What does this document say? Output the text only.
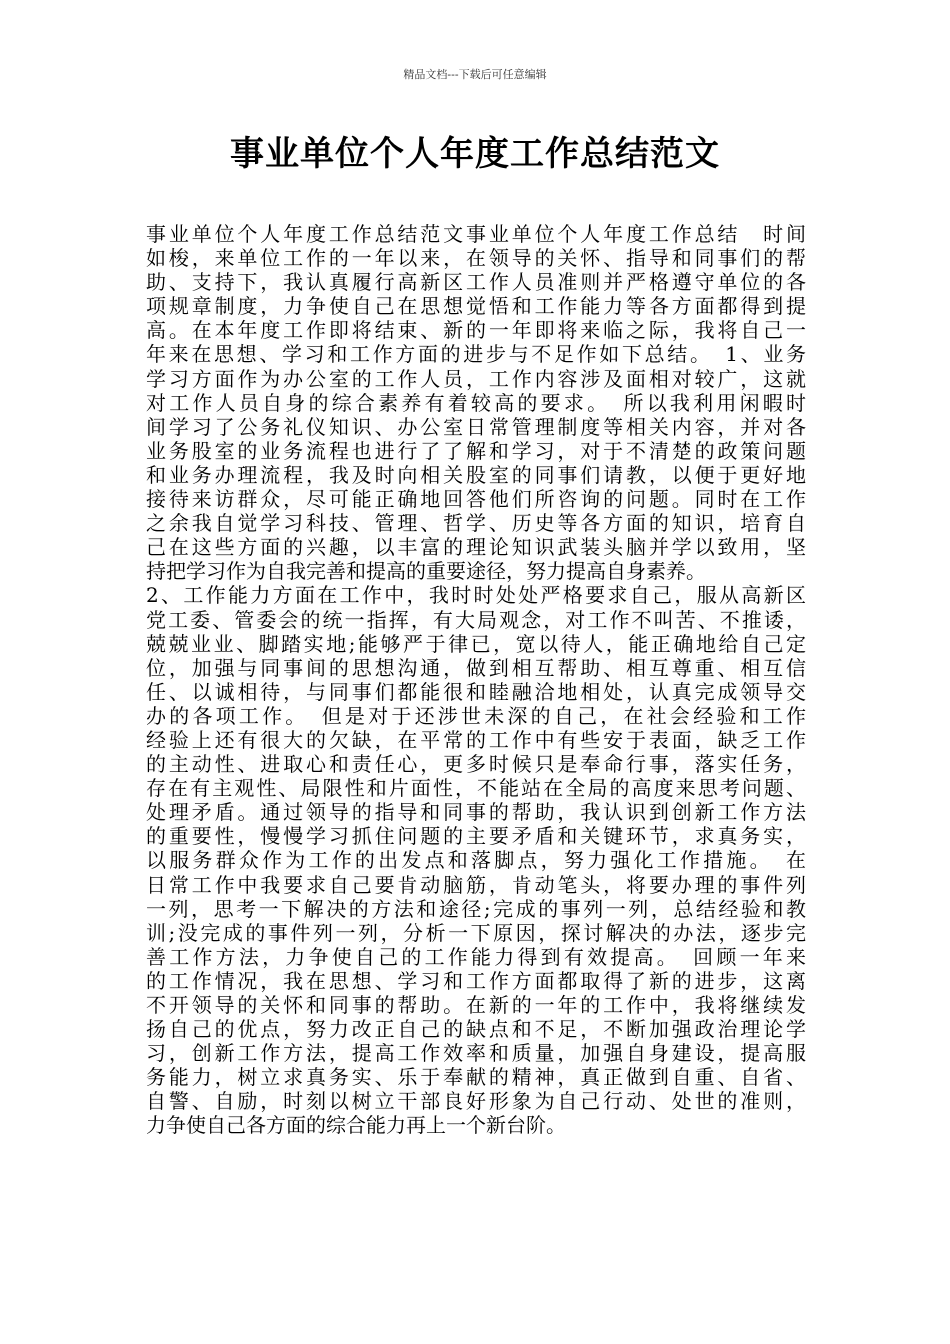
精品文档---下载后可任意编辑
事业单位个人年度工作总结范文
事业单位个人年度工作总结范文事业单位个人年度工作总结　时间
如梭，来单位工作的一年以来，在领导的关怀、指导和同事们的帮
助、支持下，我认真履行高新区工作人员准则并严格遵守单位的各
项规章制度，力争使自己在思想觉悟和工作能力等各方面都得到提
高。在本年度工作即将结束、新的一年即将来临之际，我将自己一
年来在思想、学习和工作方面的进步与不足作如下总结。　1、业务
学习方面作为办公室的工作人员，工作内容涉及面相对较广，这就
对工作人员自身的综合素养有着较高的要求。　所以我利用闲暇时
间学习了公务礼仪知识、办公室日常管理制度等相关内容，并对各
业务股室的业务流程也进行了了解和学习，对于不清楚的政策问题
和业务办理流程，我及时向相关股室的同事们请教，以便于更好地
接待来访群众，尽可能正确地回答他们所咨询的问题。同时在工作
之余我自觉学习科技、管理、哲学、历史等各方面的知识，培育自
己在这些方面的兴趣，以丰富的理论知识武装头脑并学以致用，坚
持把学习作为自我完善和提高的重要途径，努力提高自身素养。
2、工作能力方面在工作中，我时时处处严格要求自己，服从高新区
党工委、管委会的统一指挥，有大局观念，对工作不叫苦、不推诿，
兢兢业业、脚踏实地;能够严于律已，宽以待人，能正确地给自己定
位，加强与同事间的思想沟通，做到相互帮助、相互尊重、相互信
任、以诚相待，与同事们都能很和睦融洽地相处，认真完成领导交
办的各项工作。　但是对于还涉世未深的自己，在社会经验和工作
经验上还有很大的欠缺，在平常的工作中有些安于表面，缺乏工作
的主动性、进取心和责任心，更多时候只是奉命行事，落实任务，
存在有主观性、局限性和片面性，不能站在全局的高度来思考问题、
处理矛盾。通过领导的指导和同事的帮助，我认识到创新工作方法
的重要性，慢慢学习抓住问题的主要矛盾和关键环节，求真务实，
以服务群众作为工作的出发点和落脚点，努力强化工作措施。　在
日常工作中我要求自己要肯动脑筋，肯动笔头，将要办理的事件列
一列，思考一下解决的方法和途径;完成的事列一列，总结经验和教
训;没完成的事件列一列，分析一下原因，探讨解决的办法，逐步完
善工作方法，力争使自己的工作能力得到有效提高。　回顾一年来
的工作情况，我在思想、学习和工作方面都取得了新的进步，这离
不开领导的关怀和同事的帮助。在新的一年的工作中，我将继续发
扬自己的优点，努力改正自己的缺点和不足，不断加强政治理论学
习，创新工作方法，提高工作效率和质量，加强自身建设，提高服
务能力，树立求真务实、乐于奉献的精神，真正做到自重、自省、
自警、自励，时刻以树立干部良好形象为自己行动、处世的准则，
力争使自己各方面的综合能力再上一个新台阶。
